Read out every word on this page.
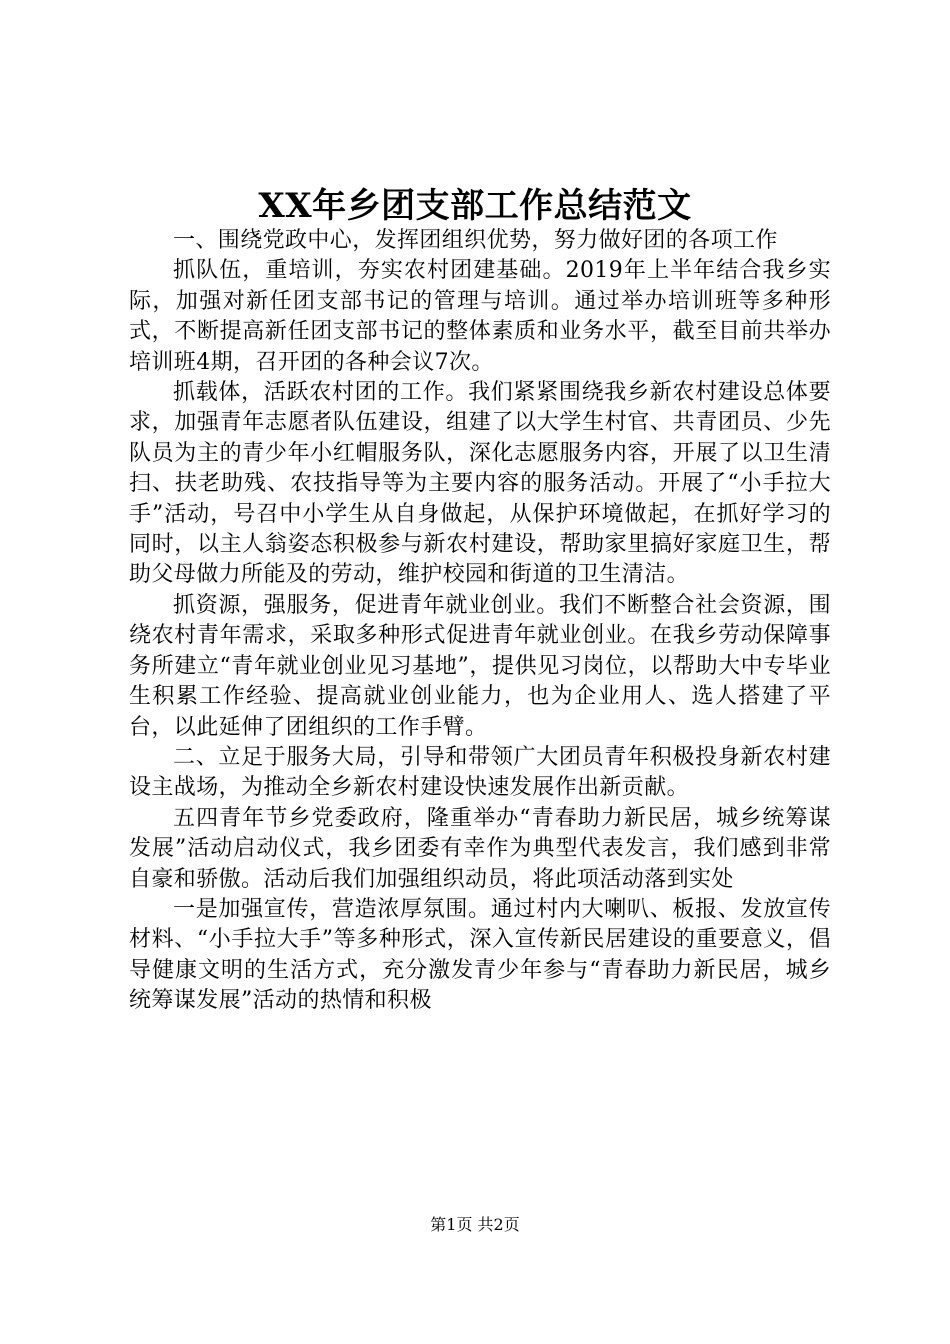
XX年乡团支部工作总结范文

一、围绕党政中心，发挥团组织优势，努力做好团的各项工作

抓队伍，重培训，夯实农村团建基础。2019年上半年结合我乡实际，加强对新任团支部书记的管理与培训。通过举办培训班等多种形式，不断提高新任团支部书记的整体素质和业务水平，截至目前共举办培训班4期，召开团的各种会议7次。

抓载体，活跃农村团的工作。我们紧紧围绕我乡新农村建设总体要求，加强青年志愿者队伍建设，组建了以大学生村官、共青团员、少先队员为主的青少年小红帽服务队，深化志愿服务内容，开展了以卫生清扫、扶老助残、农技指导等为主要内容的服务活动。开展了“小手拉大手”活动，号召中小学生从自身做起，从保护环境做起，在抓好学习的同时，以主人翁姿态积极参与新农村建设，帮助家里搞好家庭卫生，帮助父母做力所能及的劳动，维护校园和街道的卫生清洁。

抓资源，强服务，促进青年就业创业。我们不断整合社会资源，围绕农村青年需求，采取多种形式促进青年就业创业。在我乡劳动保障事务所建立“青年就业创业见习基地”，提供见习岗位，以帮助大中专毕业生积累工作经验、提高就业创业能力，也为企业用人、选人搭建了平台，以此延伸了团组织的工作手臂。

二、立足于服务大局，引导和带领广大团员青年积极投身新农村建设主战场，为推动全乡新农村建设快速发展作出新贡献。

五四青年节乡党委政府，隆重举办“青春助力新民居，城乡统筹谋发展”活动启动仪式，我乡团委有幸作为典型代表发言，我们感到非常自豪和骄傲。活动后我们加强组织动员，将此项活动落到实处

一是加强宣传，营造浓厚氛围。通过村内大喇叭、板报、发放宣传材料、“小手拉大手”等多种形式，深入宣传新民居建设的重要意义，倡导健康文明的生活方式，充分激发青少年参与“青春助力新民居，城乡统筹谋发展”活动的热情和积极

第1页 共2页
